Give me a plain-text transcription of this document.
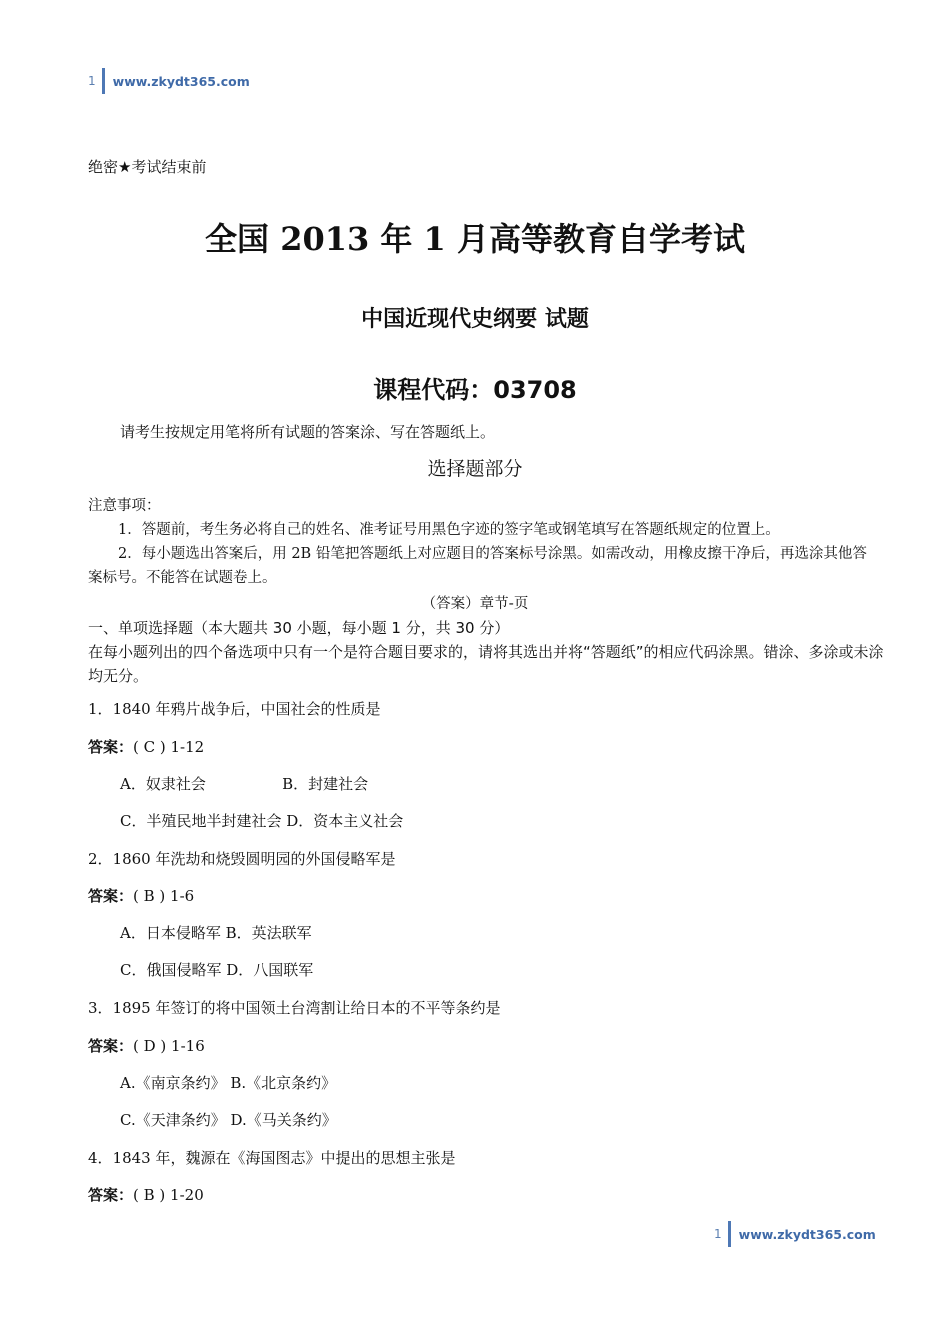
1 www.zkydt365.com
绝密★考试结束前
全国 2013 年 1 月高等教育自学考试
中国近现代史纲要 试题
课程代码：03708
请考生按规定用笔将所有试题的答案涂、写在答题纸上。
选择题部分

注意事项：

1．答题前，考生务必将自己的姓名、准考证号用黑色字迹的签字笔或钢笔填写在答题纸规定的位置上。

2．每小题选出答案后，用 2B 铅笔把答题纸上对应题目的答案标号涂黑。如需改动，用橡皮擦干净后，再选涂其他答案标号。不能答在试题卷上。

（答案）章节-页

一、单项选择题（本大题共 30 小题，每小题 1 分，共 30 分）

在每小题列出的四个备选项中只有一个是符合题目要求的，请将其选出并将“答题纸”的相应代码涂黑。错涂、多涂或未涂均无分。

1．1840 年鸦片战争后，中国社会的性质是
答案：( C ) 1-12
A．奴隶社会                B．封建社会
C．半殖民地半封建社会 D．资本主义社会
2．1860 年洗劫和烧毁圆明园的外国侵略军是
答案：( B ) 1-6
A．日本侵略军 B．英法联军
C．俄国侵略军 D．八国联军
3．1895 年签订的将中国领土台湾割让给日本的不平等条约是
答案：( D ) 1-16
A.《南京条约》 B.《北京条约》
C.《天津条约》 D.《马关条约》
4．1843 年，魏源在《海国图志》中提出的思想主张是
答案：( B ) 1-20
1 www.zkydt365.com
